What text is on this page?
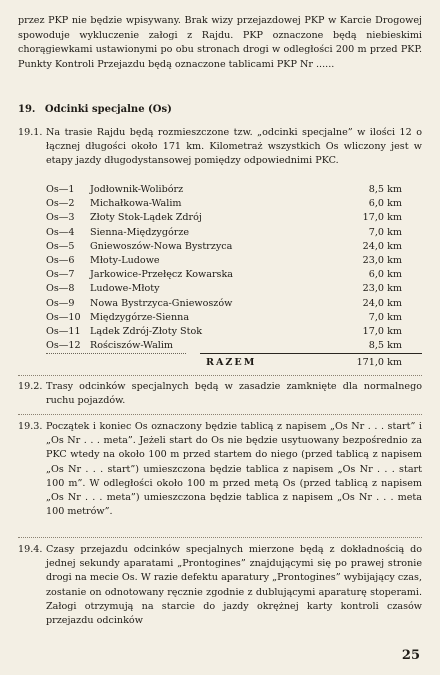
przez PKP nie będzie wpisywany. Brak wizy przejazdowej PKP w Karcie Drogowej spowoduje wykluczenie załogi z Rajdu. PKP oznaczone będą niebieskimi chorągiewkami ustawionymi po obu stronach drogi w odległości 200 m przed PKP. Punkty Kontroli Przejazdu będą oznaczone tablicami PKP Nr ......
19. Odcinki specjalne (Os)
19.1. Na trasie Rajdu będą rozmieszczone tzw. „odcinki specjalne” w ilości 12 o łącznej długości około 171 km. Kilometraż wszystkich Os wliczony jest w etapy jazdy długodystansowej pomiędzy odpowiednimi PKC.
Os—1 Jodłownik-Wolibórz	8,5 km
Os—2 Michałkowa-Walim	6,0 km
Os—3 Złoty Stok-Lądek Zdrój	17,0 km
Os—4 Sienna-Międzygórze	7,0 km
Os—5 Gniewoszów-Nowa Bystrzyca	24,0 km
Os—6 Młoty-Ludowe	23,0 km
Os—7 Jarkowice-Przełęcz Kowarska	6,0 km
Os—8 Ludowe-Młoty	23,0 km
Os—9 Nowa Bystrzyca-Gniewoszów	24,0 km
Os—10 Międzygórze-Sienna	7,0 km
Os—11 Lądek Zdrój-Złoty Stok	17,0 km
Os—12 Rościszów-Walim	8,5 km
RAZEM	171,0 km
19.2. Trasy odcinków specjalnych będą w zasadzie zamknięte dla normalnego ruchu pojazdów.
19.3. Początek i koniec Os oznaczony będzie tablicą z napisem „Os Nr . . . start” i „Os Nr . . . meta”. Jeżeli start do Os nie będzie usytuowany bezpośrednio za PKC wtedy na około 100 m przed startem do niego (przed tablicą z napisem „Os Nr . . . start”) umieszczona będzie tablica z napisem „Os Nr . . . start 100 m”. W odległości około 100 m przed metą Os (przed tablicą z napisem „Os Nr . . . meta”) umieszczona będzie tablica z napisem „Os Nr . . . meta 100 metrów”.
19.4. Czasy przejazdu odcinków specjalnych mierzone będą z dokładnością do jednej sekundy aparatami „Prontogines” znajdującymi się po prawej stronie drogi na mecie Os. W razie defektu aparatury „Prontogines” wybijający czas, zostanie on odnotowany ręcznie zgodnie z dublującymi aparaturę stoperami. Załogi otrzymują na starcie do jazdy okrężnej karty kontroli czasów przejazdu odcinków
25
